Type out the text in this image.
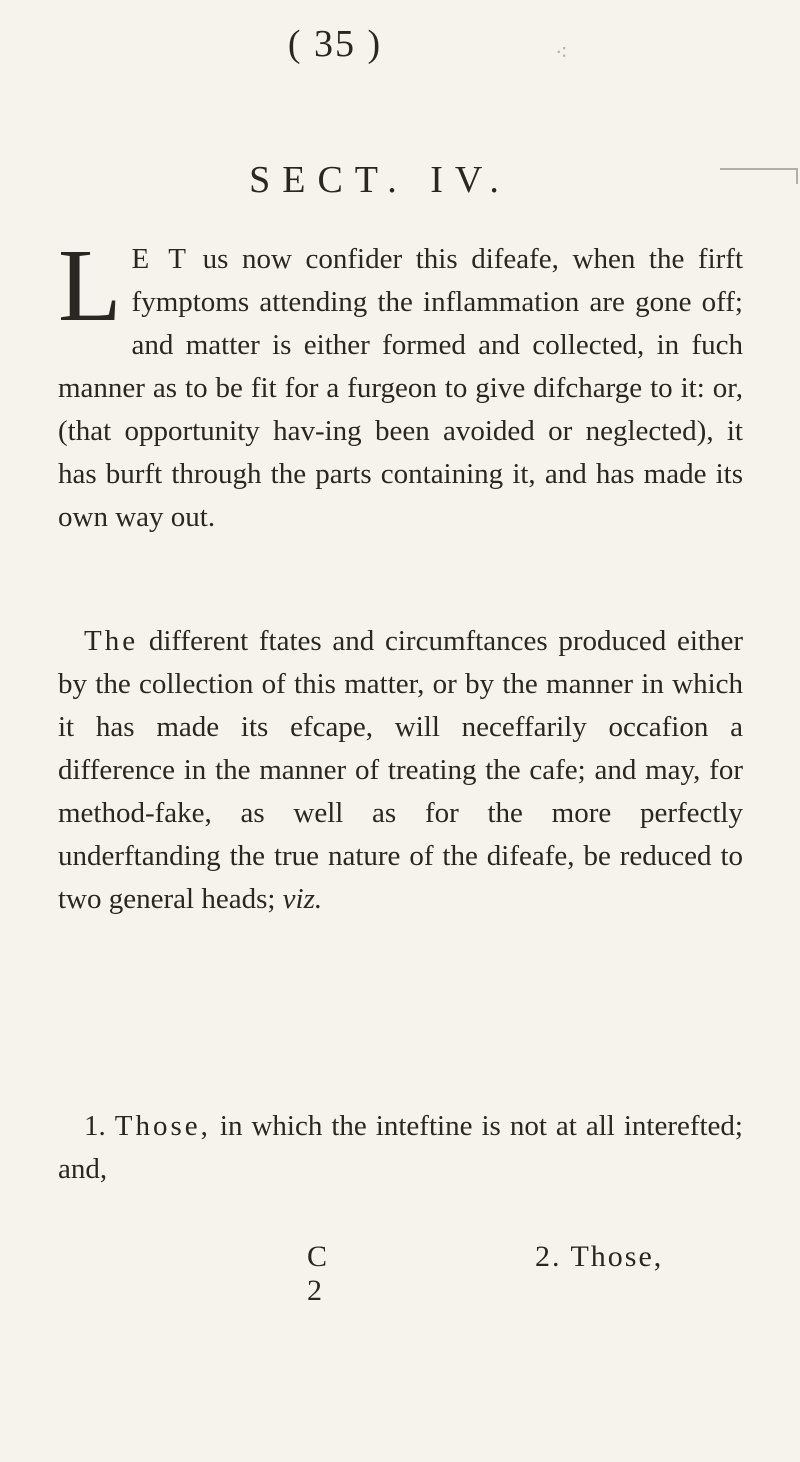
( 35 )	⁖
SECT. IV.
L E T us now confider this difeafe, when the firft fymptoms attending the inflammation are gone off; and matter is either formed and collected, in fuch manner as to be fit for a furgeon to give difcharge to it: or, (that opportunity hav-ing been avoided or neglected), it has burft through the parts containing it, and has made its own way out.
The different ftates and circumftances produced either by the collection of this matter, or by the manner in which it has made its efcape, will neceffarily occafion a difference in the manner of treating the cafe; and may, for method-fake, as well as for the more perfectly underftanding the true nature of the difeafe, be reduced to two general heads; viz.
1. Those, in which the inteftine is not at all interefted; and,
C 2
2. Those,
